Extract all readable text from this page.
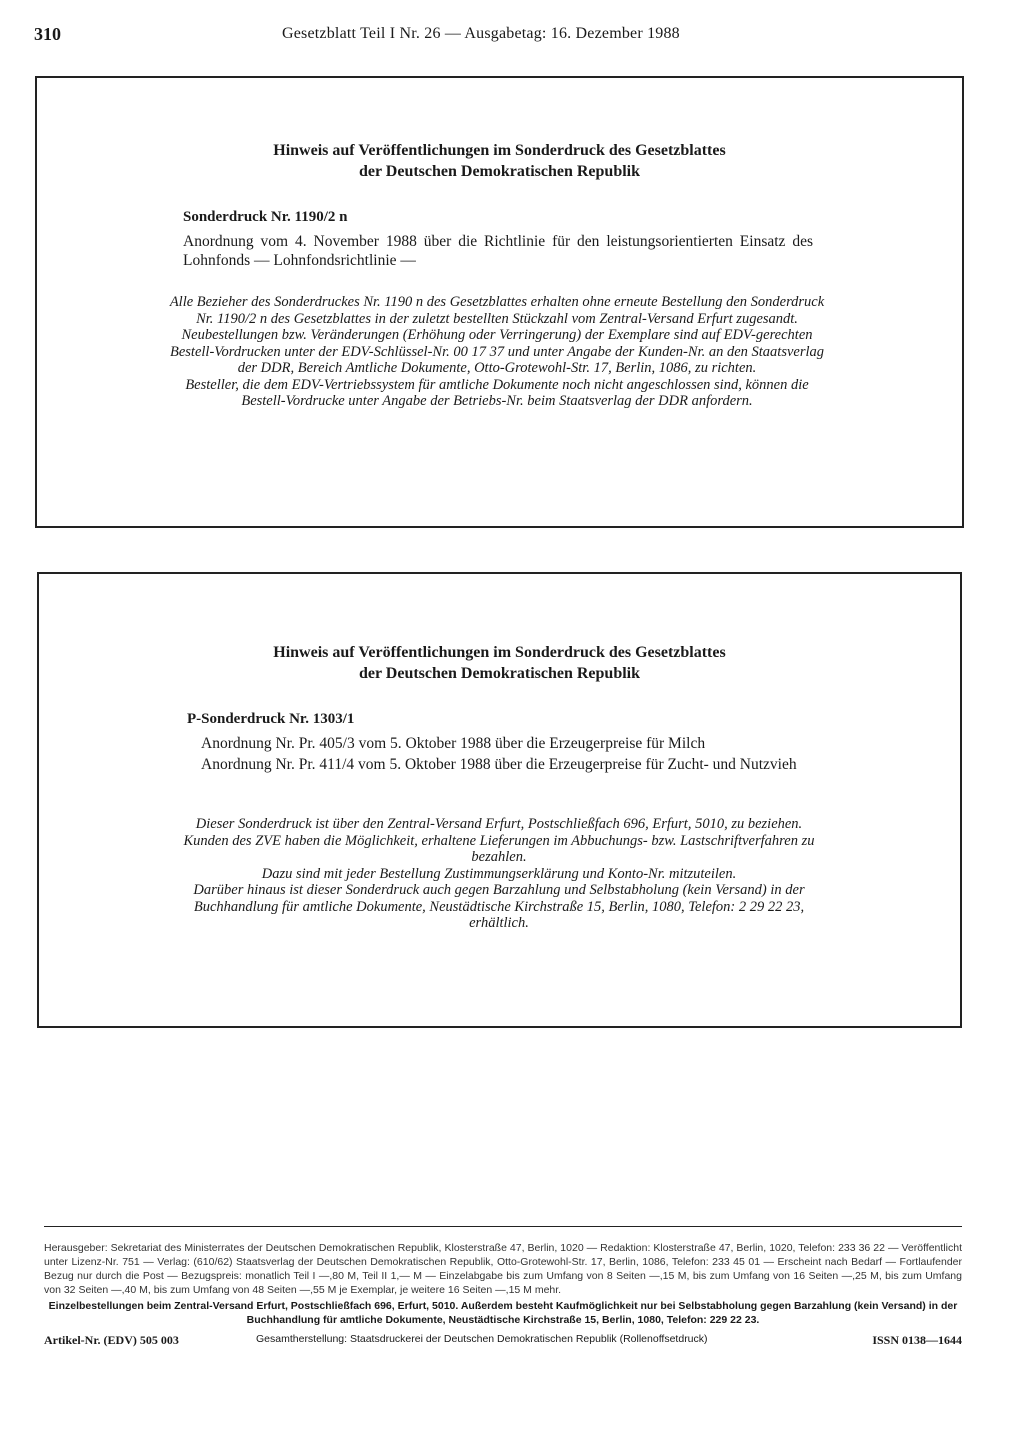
310	Gesetzblatt Teil I Nr. 26 — Ausgabetag: 16. Dezember 1988
Hinweis auf Veröffentlichungen im Sonderdruck des Gesetzblattes
der Deutschen Demokratischen Republik
Sonderdruck Nr. 1190/2 n

Anordnung vom 4. November 1988 über die Richtlinie für den leistungsorientierten Einsatz des Lohnfonds — Lohnfondsrichtlinie —

Alle Bezieher des Sonderdruckes Nr. 1190 n des Gesetzblattes erhalten ohne erneute Bestellung den Sonderdruck Nr. 1190/2 n des Gesetzblattes in der zuletzt bestellten Stückzahl vom Zentral-Versand Erfurt zugesandt.

Neubestellungen bzw. Veränderungen (Erhöhung oder Verringerung) der Exemplare sind auf EDV-gerechten Bestell-Vordrucken unter der EDV-Schlüssel-Nr. 00 17 37 und unter Angabe der Kunden-Nr. an den Staatsverlag der DDR, Bereich Amtliche Dokumente, Otto-Grotewohl-Str. 17, Berlin, 1086, zu richten.

Besteller, die dem EDV-Vertriebssystem für amtliche Dokumente noch nicht angeschlossen sind, können die Bestell-Vordrucke unter Angabe der Betriebs-Nr. beim Staatsverlag der DDR anfordern.

Hinweis auf Veröffentlichungen im Sonderdruck des Gesetzblattes
der Deutschen Demokratischen Republik
P-Sonderdruck Nr. 1303/1

Anordnung Nr. Pr. 405/3 vom 5. Oktober 1988 über die Erzeugerpreise für Milch

Anordnung Nr. Pr. 411/4 vom 5. Oktober 1988 über die Erzeugerpreise für Zucht- und Nutzvieh

Dieser Sonderdruck ist über den Zentral-Versand Erfurt, Postschließfach 696, Erfurt, 5010, zu beziehen.

Kunden des ZVE haben die Möglichkeit, erhaltene Lieferungen im Abbuchungs- bzw. Lastschriftverfahren zu bezahlen.

Dazu sind mit jeder Bestellung Zustimmungserklärung und Konto-Nr. mitzuteilen.

Darüber hinaus ist dieser Sonderdruck auch gegen Barzahlung und Selbstabholung (kein Versand) in der Buchhandlung für amtliche Dokumente, Neustädtische Kirchstraße 15, Berlin, 1080, Telefon: 2 29 22 23, erhältlich.

Herausgeber: Sekretariat des Ministerrates der Deutschen Demokratischen Republik, Klosterstraße 47, Berlin, 1020 — Redaktion: Klosterstraße 47, Berlin, 1020, Telefon: 233 36 22 — Veröffentlicht unter Lizenz-Nr. 751 — Verlag: (610/62) Staatsverlag der Deutschen Demokratischen Republik, Otto-Grotewohl-Str. 17, Berlin, 1086, Telefon: 233 45 01 — Erscheint nach Bedarf — Fortlaufender Bezug nur durch die Post — Bezugspreis: monatlich Teil I —,80 M, Teil II 1,— M — Einzelabgabe bis zum Umfang von 8 Seiten —,15 M, bis zum Umfang von 16 Seiten —,25 M, bis zum Umfang von 32 Seiten —,40 M, bis zum Umfang von 48 Seiten —,55 M je Exemplar, je weitere 16 Seiten —,15 M mehr.

Einzelbestellungen beim Zentral-Versand Erfurt, Postschließfach 696, Erfurt, 5010. Außerdem besteht Kaufmöglichkeit nur bei Selbstabholung gegen Barzahlung (kein Versand) in der Buchhandlung für amtliche Dokumente, Neustädtische Kirchstraße 15, Berlin, 1080, Telefon: 229 22 23.

Artikel-Nr. (EDV) 505 003	Gesamtherstellung: Staatsdruckerei der Deutschen Demokratischen Republik (Rollenoffsetdruck)	ISSN 0138—1644
